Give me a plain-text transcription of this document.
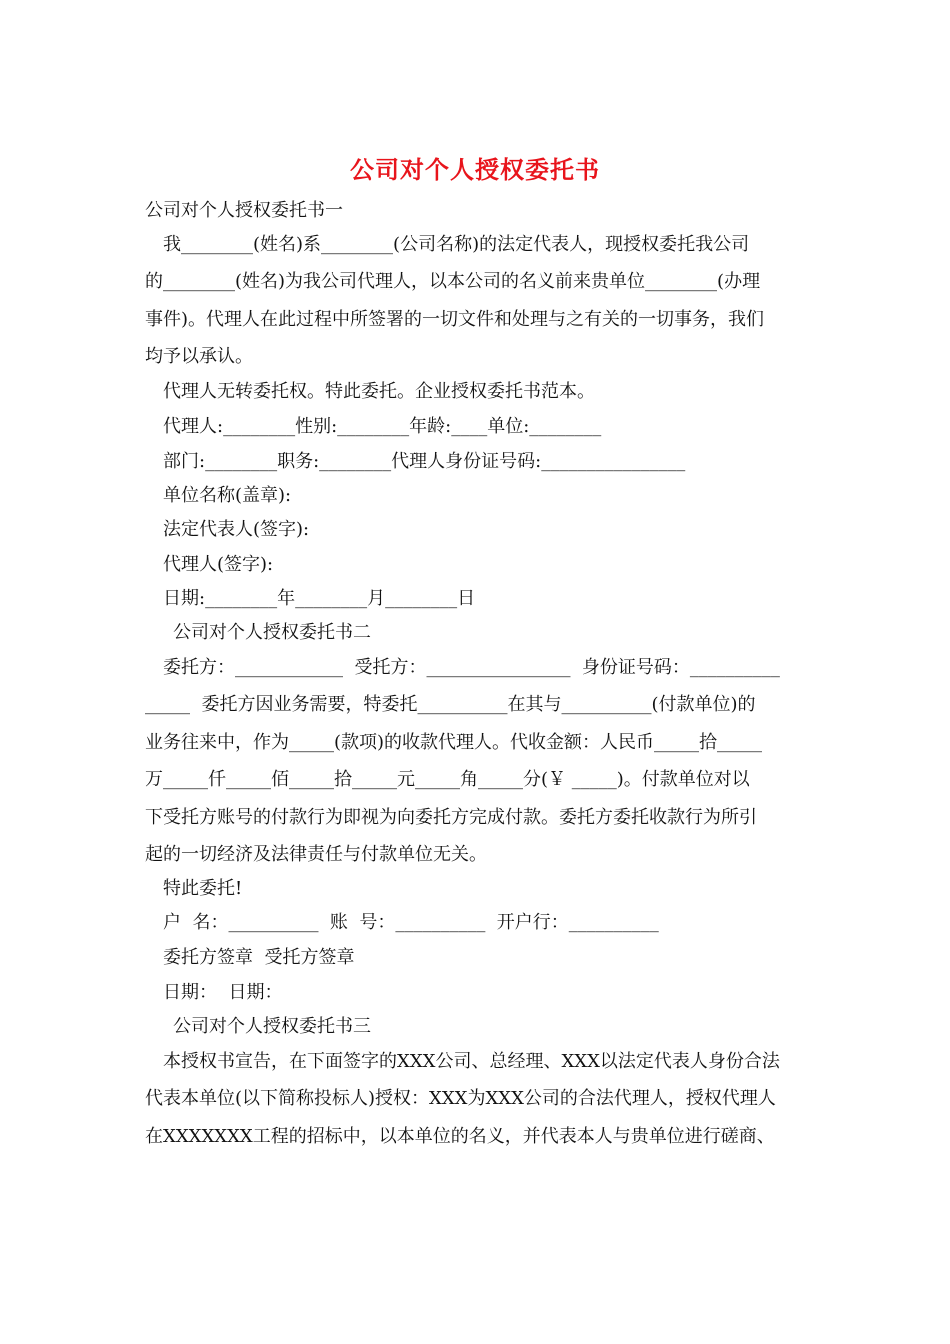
公司对个人授权委托书
公司对个人授权委托书一
我________(姓名)系________(公司名称)的法定代表人，现授权委托我公司
的________(姓名)为我公司代理人，以本公司的名义前来贵单位________(办理
事件)。代理人在此过程中所签署的一切文件和处理与之有关的一切事务，我们
均予以承认。
代理人无转委托权。特此委托。企业授权委托书范本。
代理人:________性别:________年龄:____单位:________
部门:________职务:________代理人身份证号码:________________
单位名称(盖章):
法定代表人(签字):
代理人(签字):
日期:________年________月________日
公司对个人授权委托书二
委托方：____________  受托方：________________  身份证号码：__________
_____  委托方因业务需要，特委托__________在其与__________(付款单位)的
业务往来中，作为_____(款项)的收款代理人。代收金额：人民币_____拾_____
万_____仟_____佰_____拾_____元_____角_____分(￥ _____)。付款单位对以
下受托方账号的付款行为即视为向委托方完成付款。委托方委托收款行为所引
起的一切经济及法律责任与付款单位无关。
特此委托!
户  名：__________  账  号：__________  开户行：__________
委托方签章  受托方签章
日期：  日期：
公司对个人授权委托书三
本授权书宣告，在下面签字的XXX公司、总经理、XXX以法定代表人身份合法
代表本单位(以下简称投标人)授权：XXX为XXX公司的合法代理人，授权代理人
在XXXXXXX工程的招标中，以本单位的名义，并代表本人与贵单位进行磋商、
